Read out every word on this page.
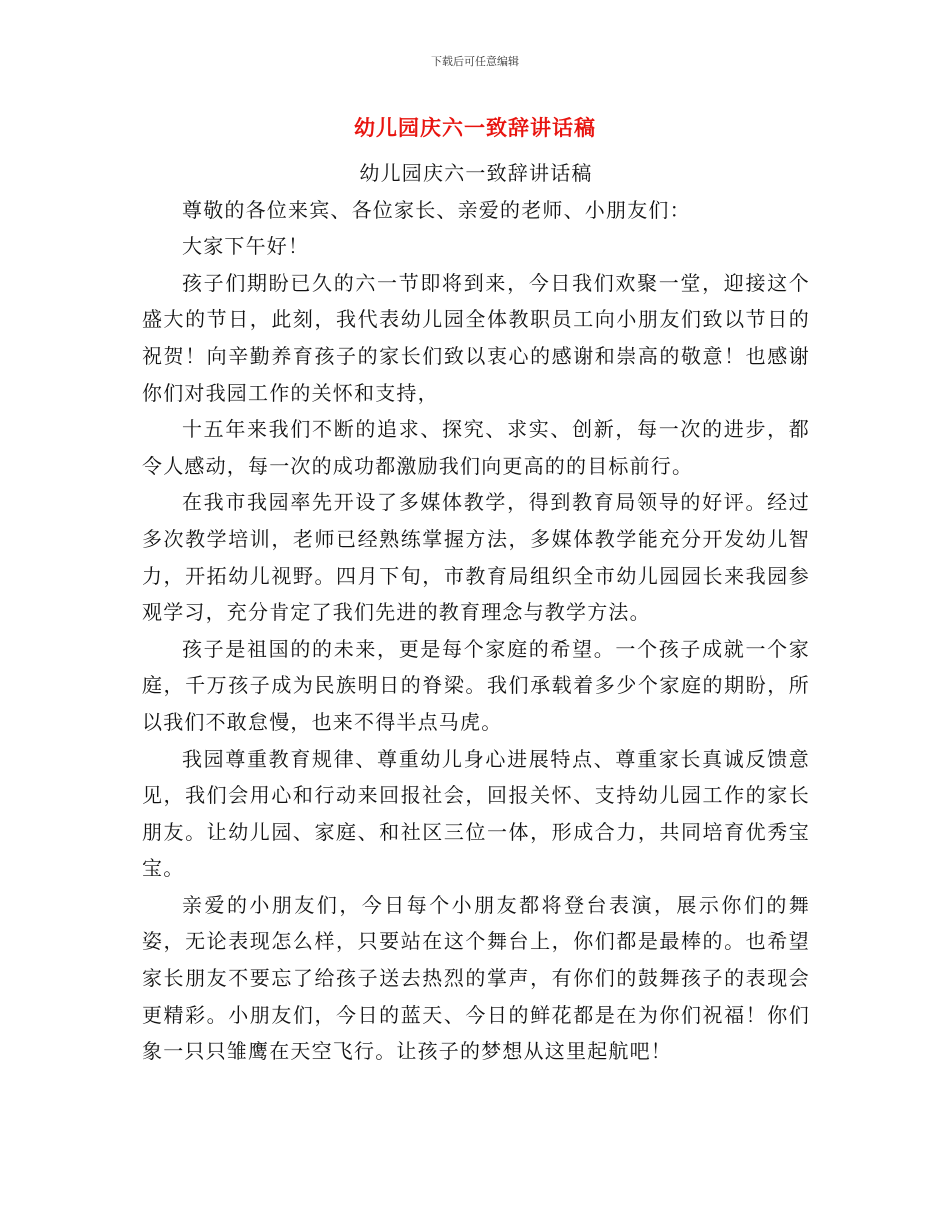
下载后可任意编辑
幼儿园庆六一致辞讲话稿

幼儿园庆六一致辞讲话稿

尊敬的各位来宾、各位家长、亲爱的老师、小朋友们：

大家下午好！

孩子们期盼已久的六一节即将到来，今日我们欢聚一堂，迎接这个盛大的节日，此刻，我代表幼儿园全体教职员工向小朋友们致以节日的祝贺！向辛勤养育孩子的家长们致以衷心的感谢和崇高的敬意！也感谢你们对我园工作的关怀和支持，

十五年来我们不断的追求、探究、求实、创新，每一次的进步，都令人感动，每一次的成功都激励我们向更高的的目标前行。

在我市我园率先开设了多媒体教学，得到教育局领导的好评。经过多次教学培训，老师已经熟练掌握方法，多媒体教学能充分开发幼儿智力，开拓幼儿视野。四月下旬，市教育局组织全市幼儿园园长来我园参观学习，充分肯定了我们先进的教育理念与教学方法。

孩子是祖国的的未来，更是每个家庭的希望。一个孩子成就一个家庭，千万孩子成为民族明日的脊梁。我们承载着多少个家庭的期盼，所以我们不敢怠慢，也来不得半点马虎。

我园尊重教育规律、尊重幼儿身心进展特点、尊重家长真诚反馈意见，我们会用心和行动来回报社会，回报关怀、支持幼儿园工作的家长朋友。让幼儿园、家庭、和社区三位一体，形成合力，共同培育优秀宝宝。

亲爱的小朋友们，今日每个小朋友都将登台表演，展示你们的舞姿，无论表现怎么样，只要站在这个舞台上，你们都是最棒的。也希望家长朋友不要忘了给孩子送去热烈的掌声，有你们的鼓舞孩子的表现会更精彩。小朋友们，今日的蓝天、今日的鲜花都是在为你们祝福！你们象一只只雏鹰在天空飞行。让孩子的梦想从这里起航吧！
